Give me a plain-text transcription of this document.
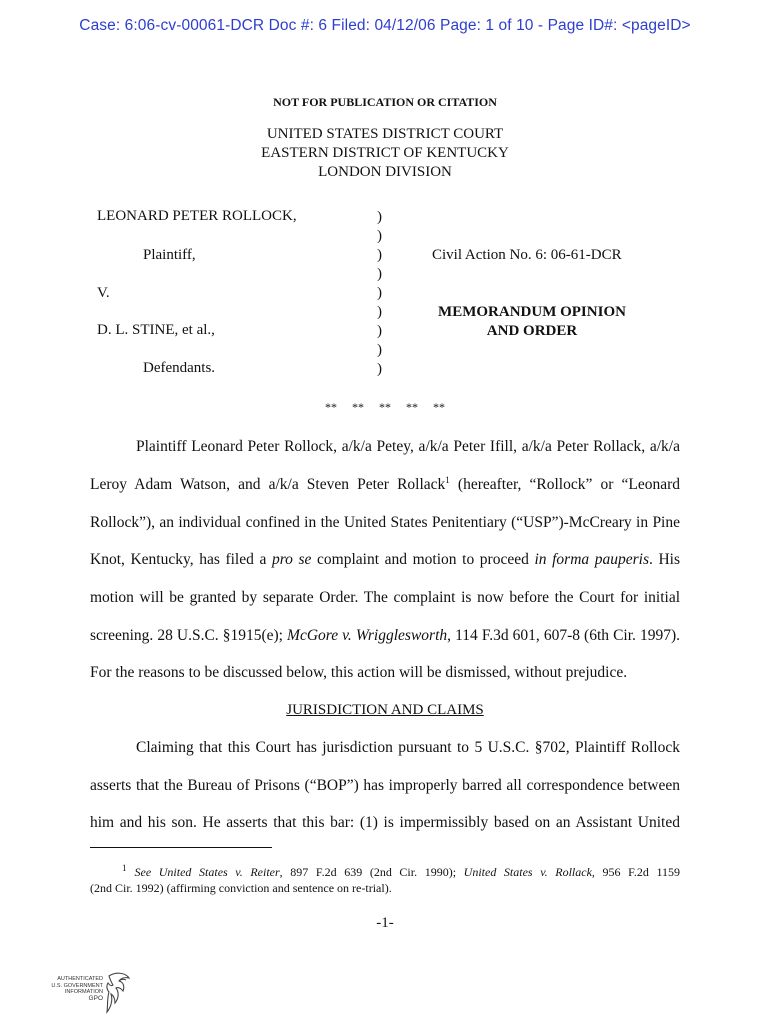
Case: 6:06-cv-00061-DCR Doc #: 6 Filed: 04/12/06 Page: 1 of 10 - Page ID#: <pageID>
NOT FOR PUBLICATION OR CITATION
UNITED STATES DISTRICT COURT
EASTERN DISTRICT OF KENTUCKY
LONDON DIVISION
LEONARD PETER ROLLOCK,
Plaintiff,
V.
D. L. STINE, et al.,
Defendants.
)
)
)
)
)
)
)
)
)
Civil Action No. 6: 06-61-DCR
MEMORANDUM OPINION
AND ORDER
**     **     **     **     **
Plaintiff Leonard Peter Rollock, a/k/a Petey, a/k/a Peter Ifill, a/k/a Peter Rollack, a/k/a
Leroy Adam Watson, and a/k/a Steven Peter Rollack$^1$ (hereafter, “Rollock” or “Leonard
Rollock”), an individual confined in the United States Penitentiary (“USP”)-McCreary in Pine
Knot, Kentucky, has filed a pro se complaint and motion to proceed in forma pauperis. His
motion will be granted by separate Order. The complaint is now before the Court for initial
screening. 28 U.S.C. §1915(e); McGore v. Wrigglesworth, 114 F.3d 601, 607-8 (6th Cir. 1997).
For the reasons to be discussed below, this action will be dismissed, without prejudice.
JURISDICTION AND CLAIMS
Claiming that this Court has jurisdiction pursuant to 5 U.S.C. §702, Plaintiff Rollock
asserts that the Bureau of Prisons (“BOP”) has improperly barred all correspondence between
him and his son. He asserts that this bar: (1) is impermissibly based on an Assistant United
$^1$ See United States v. Reiter, 897 F.2d 639 (2nd Cir. 1990); United States v. Rollack, 956 F.2d 1159
(2nd Cir. 1992) (affirming conviction and sentence on re-trial).
-1-
AUTHENTICATED
U.S. GOVERNMENT
INFORMATION
GPO
